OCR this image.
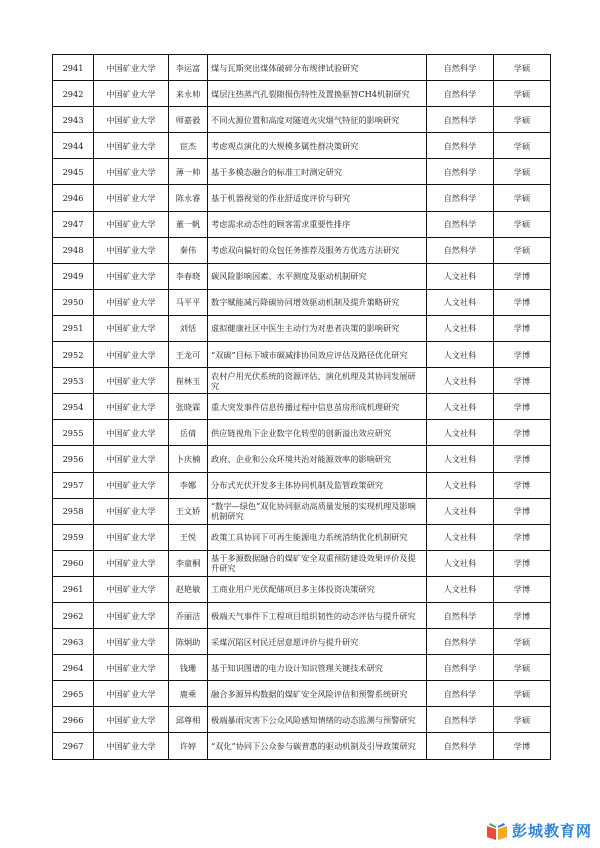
2941	中国矿业大学	李运富	煤与瓦斯突出煤体破碎分布规律试验研究	自然科学	学硕
2942	中国矿业大学	来永帅	煤层注热蒸汽孔裂隙损伤特性及置换驱替CH4机制研究	自然科学	学硕
2943	中国矿业大学	师嘉毅	不同火源位置和高度对隧道火灾烟气特征的影响研究	自然科学	学硕
2944	中国矿业大学	宦杰	考虑观点演化的大规模多属性群决策研究	自然科学	学硕
2945	中国矿业大学	薄一帅	基于多模态融合的标准工时测定研究	自然科学	学硕
2946	中国矿业大学	陈永睿	基于机器视觉的作业舒适度评价与研究	自然科学	学硕
2947	中国矿业大学	董一帆	考虑需求动态性的顾客需求重要性排序	自然科学	学硕
2948	中国矿业大学	秦伟	考虑双向偏好的众包任务推荐及服务方优选方法研究	自然科学	学硕
2949	中国矿业大学	李春晓	碳风险影响因素、水平测度及驱动机制研究	人文社科	学博
2950	中国矿业大学	马平平	数字赋能减污降碳协同增效驱动机制及提升策略研究	人文社科	学博
2951	中国矿业大学	刘恬	虚拟健康社区中医生主动行为对患者决策的影响研究	人文社科	学博
2952	中国矿业大学	王龙可	“双碳”目标下城市碳减排协同效应评估及路径优化研究	人文社科	学博
2953	中国矿业大学	崔林玉	农村户用光伏系统的资源评估、演化机理及其协同发展研究	人文社科	学博
2954	中国矿业大学	张晓霖	重大突发事件信息传播过程中信息茧房形成机理研究	人文社科	学博
2955	中国矿业大学	岳倩	供应链视角下企业数字化转型的创新溢出效应研究	人文社科	学博
2956	中国矿业大学	卜庆楠	政府、企业和公众环境共治对能源效率的影响研究	人文社科	学博
2957	中国矿业大学	李娜	分布式光伏开发多主体协同机制及监管政策研究	人文社科	学博
2958	中国矿业大学	王文娇	“数字—绿色”双化协同驱动高质量发展的实现机理及影响机制研究	人文社科	学博
2959	中国矿业大学	王悦	政策工具协同下可再生能源电力系统消纳优化机制研究	人文社科	学博
2960	中国矿业大学	李童桐	基于多源数据融合的煤矿安全双重预防建设效果评价及提升研究	人文社科	学博
2961	中国矿业大学	赵艳敏	工商业用户光伏配储项目多主体投资决策研究	人文社科	学博
2962	中国矿业大学	乔丽洁	极端天气事件下工程项目组织韧性的动态评估与提升研究	自然科学	学博
2963	中国矿业大学	陈炯助	采煤沉陷区村民迁居意愿评价与提升研究	自然科学	学硕
2964	中国矿业大学	钱珊	基于知识图谱的电力设计知识管理关键技术研究	自然科学	学硕
2965	中国矿业大学	鹿乘	融合多源异构数据的煤矿安全风险评估和预警系统研究	自然科学	学硕
2966	中国矿业大学	邱尊相	极端暴雨灾害下公众风险感知情绪的动态监测与预警研究	自然科学	学硕
2967	中国矿业大学	许婷	“双化”协同下公众参与碳普惠的驱动机制及引导政策研究	自然科学	学博
彭城教育网
